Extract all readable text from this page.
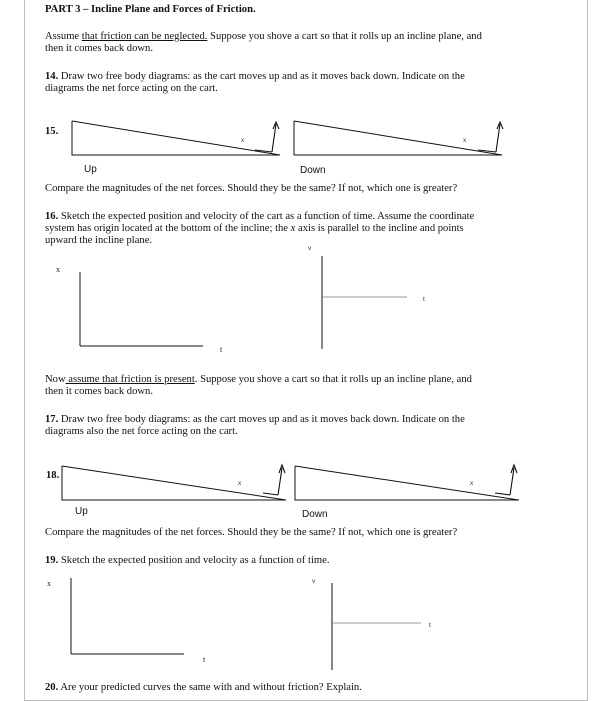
PART 3 – Incline Plane and Forces of Friction.
Assume that friction can be neglected. Suppose you shove a cart so that it rolls up an incline plane, and
then it comes back down.
14. Draw two free body diagrams: as the cart moves up and as it moves back down. Indicate on the
diagrams the net force acting on the cart.
15.
x	x
Up	Down
Compare the magnitudes of the net forces. Should they be the same? If not, which one is greater?
16. Sketch the expected position and velocity of the cart as a function of time. Assume the coordinate
system has origin located at the bottom of the incline; the x axis is parallel to the incline and points
upward the incline plane.
x
t
v
t
Now assume that friction is present. Suppose you shove a cart so that it rolls up an incline plane, and
then it comes back down.
17. Draw two free body diagrams: as the cart moves up and as it moves back down. Indicate on the
diagrams also the net force acting on the cart.
x	x
18.
Up	Down
Compare the magnitudes of the net forces. Should they be the same? If not, which one is greater?
19. Sketch the expected position and velocity as a function of time.
x
t
v
t
20. Are your predicted curves the same with and without friction? Explain.
